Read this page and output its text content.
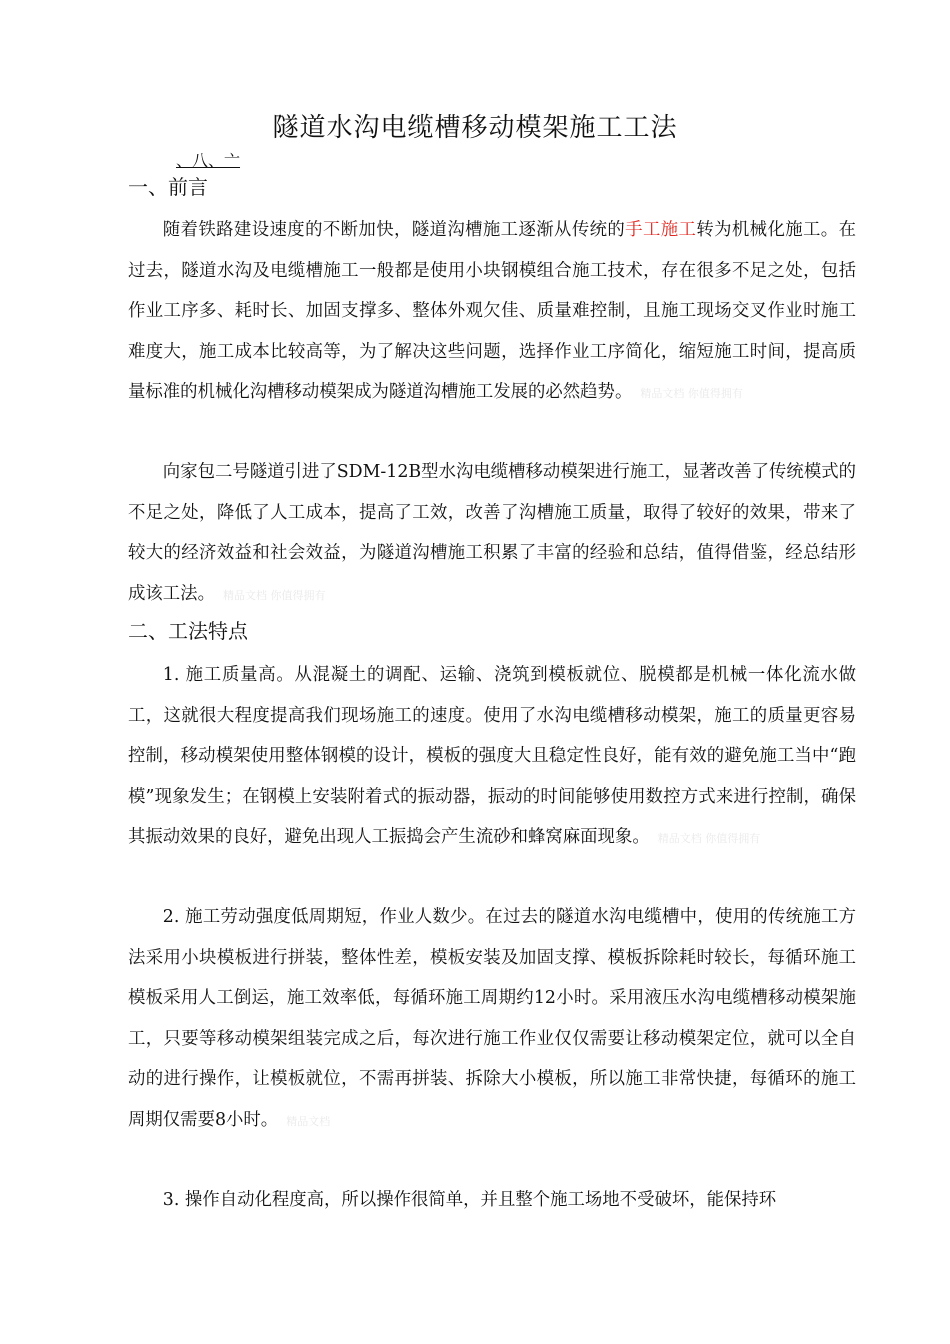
隧道水沟电缆槽移动模架施工工法
、八、亠
一、前言

随着铁路建设速度的不断加快，隧道沟槽施工逐渐从传统的手工施工转为机械化施工。在过去，隧道水沟及电缆槽施工一般都是使用小块钢模组合施工技术，存在很多不足之处，包括作业工序多、耗时长、加固支撑多、整体外观欠佳、质量难控制，且施工现场交叉作业时施工难度大，施工成本比较高等，为了解决这些问题，选择作业工序简化，缩短施工时间，提高质量标准的机械化沟槽移动模架成为隧道沟槽施工发展的必然趋势。 精品文档 你值得拥有

向家包二号隧道引进了SDM-12B型水沟电缆槽移动模架进行施工，显著改善了传统模式的不足之处，降低了人工成本，提高了工效，改善了沟槽施工质量，取得了较好的效果，带来了较大的经济效益和社会效益，为隧道沟槽施工积累了丰富的经验和总结，值得借鉴，经总结形成该工法。 精品文档 你值得拥有

二、工法特点

1. 施工质量高。从混凝土的调配、运输、浇筑到模板就位、脱模都是机械一体化流水做工，这就很大程度提高我们现场施工的速度。使用了水沟电缆槽移动模架，施工的质量更容易控制，移动模架使用整体钢模的设计，模板的强度大且稳定性良好，能有效的避免施工当中“跑模”现象发生；在钢模上安装附着式的振动器，振动的时间能够使用数控方式来进行控制，确保其振动效果的良好，避免出现人工振捣会产生流砂和蜂窝麻面现象。 精品文档 你值得拥有

2. 施工劳动强度低周期短，作业人数少。在过去的隧道水沟电缆槽中，使用的传统施工方法采用小块模板进行拼装，整体性差，模板安装及加固支撑、模板拆除耗时较长，每循环施工模板采用人工倒运，施工效率低，每循环施工周期约12小时。采用液压水沟电缆槽移动模架施工，只要等移动模架组装完成之后，每次进行施工作业仅仅需要让移动模架定位，就可以全自动的进行操作，让模板就位，不需再拼装、拆除大小模板，所以施工非常快捷，每循环的施工周期仅需要8小时。 精品文档

3. 操作自动化程度高，所以操作很简单，并且整个施工场地不受破坏，能保持环
